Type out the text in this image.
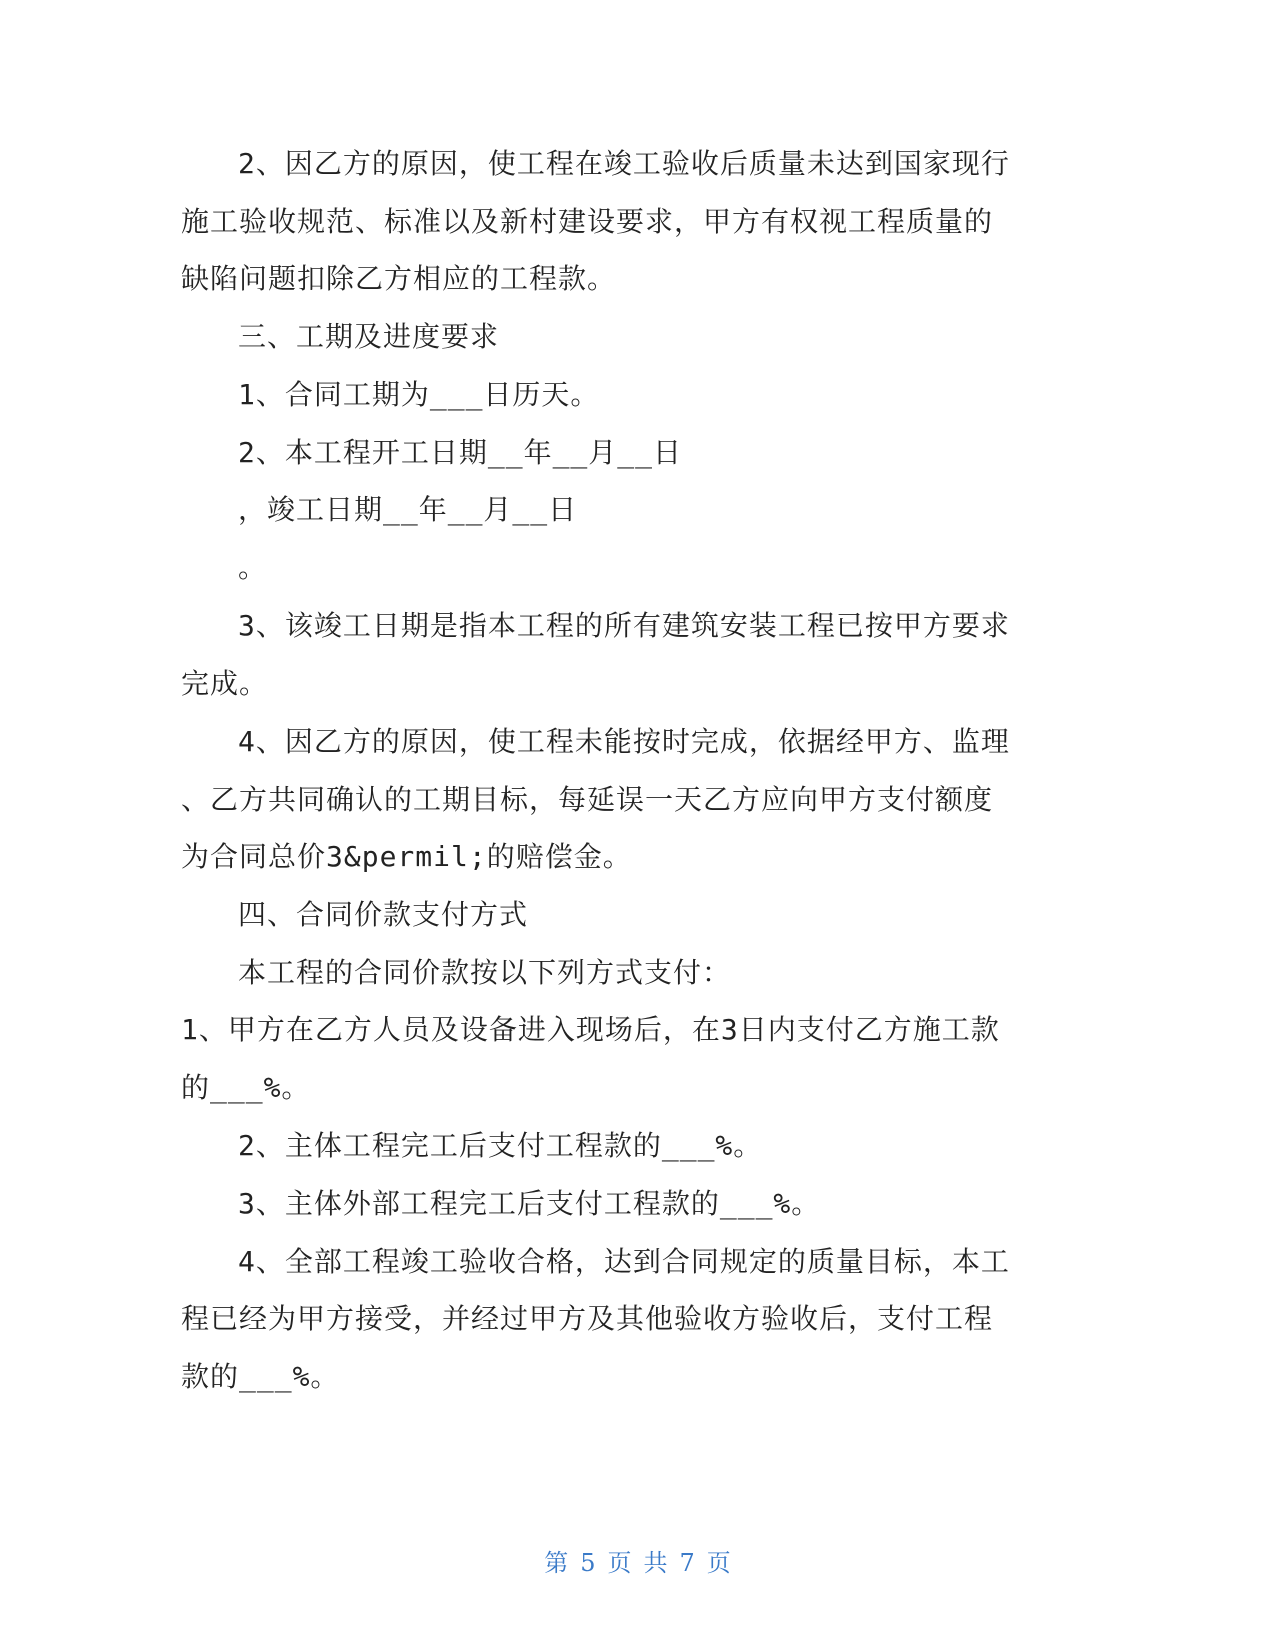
2、因乙方的原因，使工程在竣工验收后质量未达到国家现行

施工验收规范、标准以及新村建设要求，甲方有权视工程质量的

缺陷问题扣除乙方相应的工程款。

三、工期及进度要求

1、合同工期为___日历天。

2、本工程开工日期__年__月__日

，竣工日期__年__月__日

。

3、该竣工日期是指本工程的所有建筑安装工程已按甲方要求

完成。

4、因乙方的原因，使工程未能按时完成，依据经甲方、监理

、乙方共同确认的工期目标，每延误一天乙方应向甲方支付额度

为合同总价3&permil;的赔偿金。

四、合同价款支付方式

本工程的合同价款按以下列方式支付：

1、甲方在乙方人员及设备进入现场后，在3日内支付乙方施工款

的___%。

2、主体工程完工后支付工程款的___%。

3、主体外部工程完工后支付工程款的___%。

4、全部工程竣工验收合格，达到合同规定的质量目标，本工

程已经为甲方接受，并经过甲方及其他验收方验收后，支付工程

款的___%。

第 5 页 共 7 页
